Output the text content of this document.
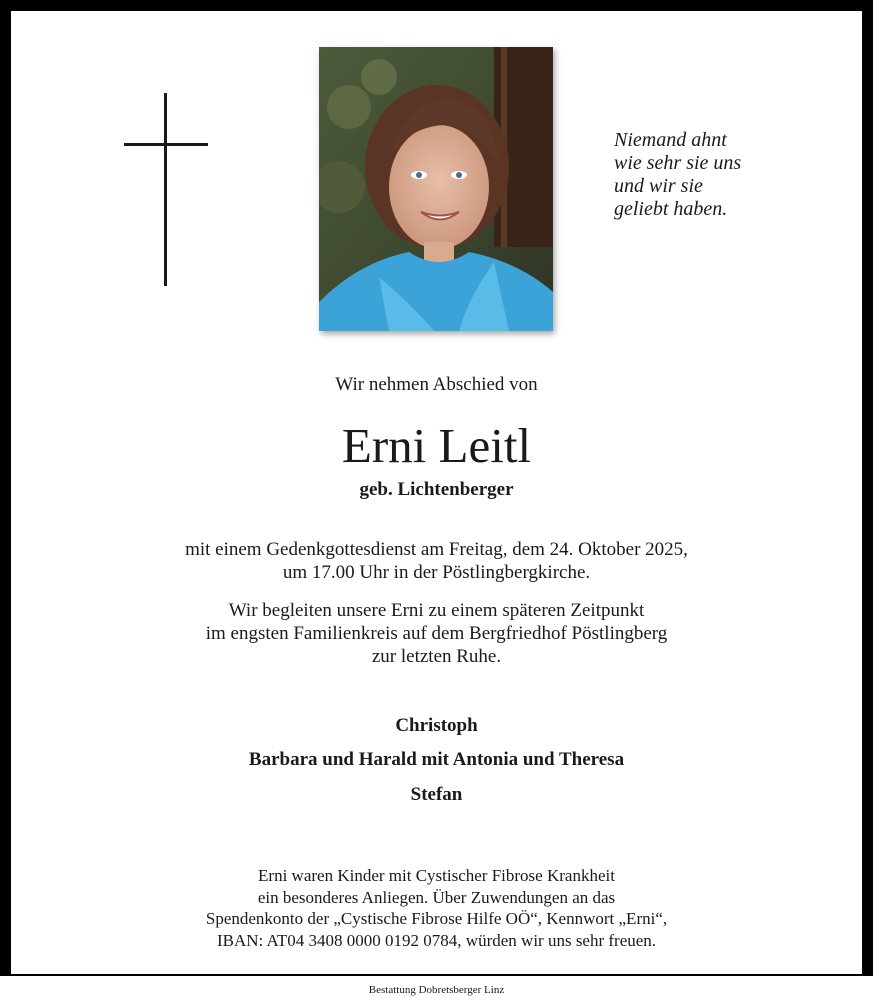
Niemand ahnt
wie sehr sie uns
und wir sie
geliebt haben.
Wir nehmen Abschied von
Erni Leitl
geb. Lichtenberger
mit einem Gedenkgottesdienst am Freitag, dem 24. Oktober 2025,
um 17.00 Uhr in der Pöstlingbergkirche.
Wir begleiten unsere Erni zu einem späteren Zeitpunkt
im engsten Familienkreis auf dem Bergfriedhof Pöstlingberg
zur letzten Ruhe.
Christoph
Barbara und Harald mit Antonia und Theresa
Stefan
Erni waren Kinder mit Cystischer Fibrose Krankheit
ein besonderes Anliegen. Über Zuwendungen an das
Spendenkonto der „Cystische Fibrose Hilfe OÖ“, Kennwort „Erni“,
IBAN: AT04 3408 0000 0192 0784, würden wir uns sehr freuen.
Bestattung Dobretsberger Linz
